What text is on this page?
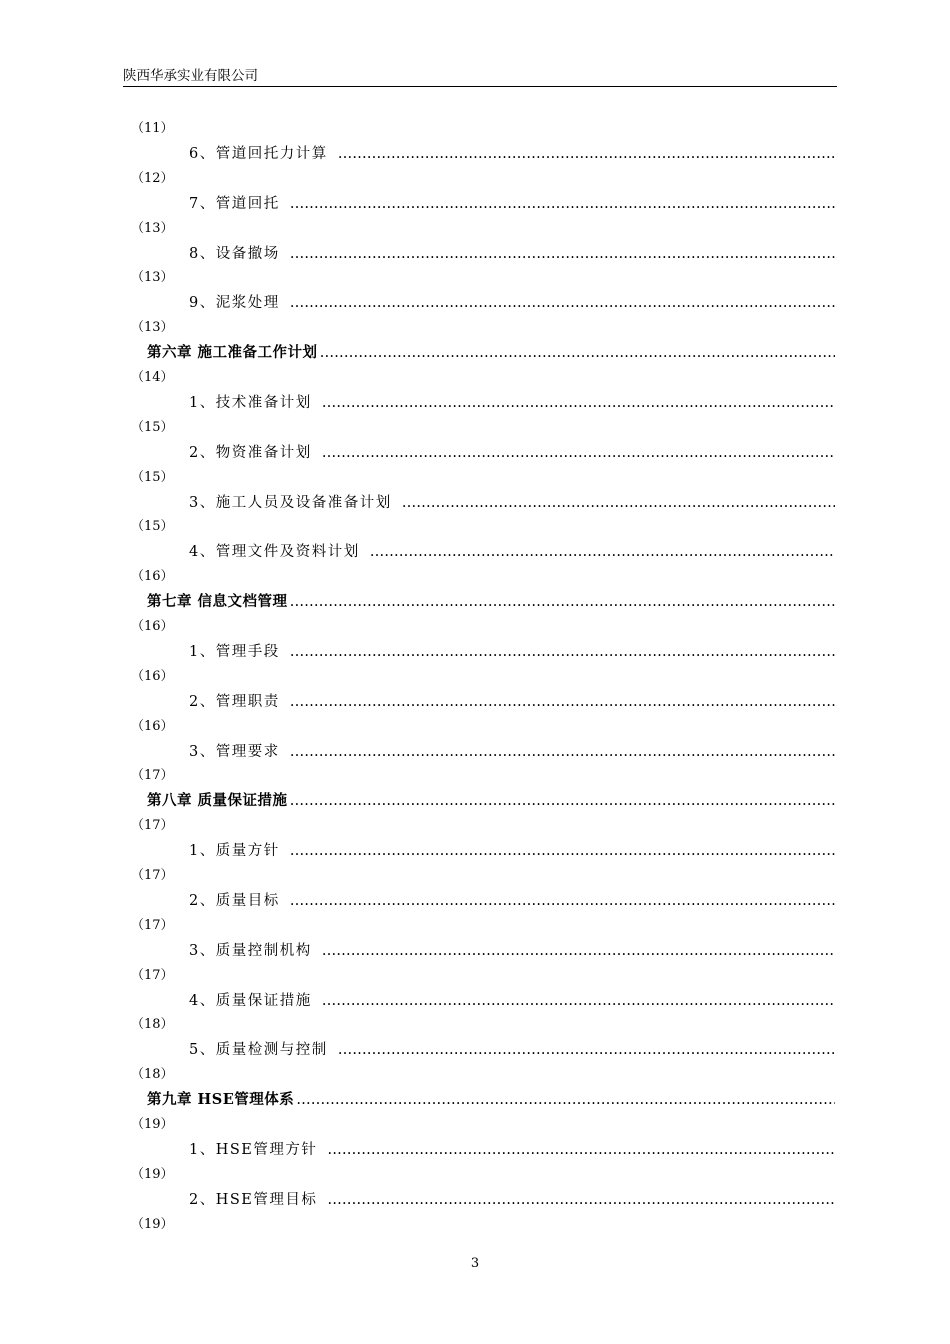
陕西华承实业有限公司
（11）
6、管道回托力计算
……………………………………………………………………………………………………………………………………………………………………………………………………………………
（12）
7、管道回托
……………………………………………………………………………………………………………………………………………………………………………………………………………………
（13）
8、设备撤场
……………………………………………………………………………………………………………………………………………………………………………………………………………………
（13）
9、泥浆处理
……………………………………………………………………………………………………………………………………………………………………………………………………………………
（13）
第六章 施工准备工作计划
……………………………………………………………………………………………………………………………………………………………………………………………………………………
（14）
1、技术准备计划
……………………………………………………………………………………………………………………………………………………………………………………………………………………
（15）
2、物资准备计划
……………………………………………………………………………………………………………………………………………………………………………………………………………………
（15）
3、施工人员及设备准备计划
……………………………………………………………………………………………………………………………………………………………………………………………………………………
（15）
4、管理文件及资料计划
……………………………………………………………………………………………………………………………………………………………………………………………………………………
（16）
第七章 信息文档管理
……………………………………………………………………………………………………………………………………………………………………………………………………………………
（16）
1、管理手段
……………………………………………………………………………………………………………………………………………………………………………………………………………………
（16）
2、管理职责
……………………………………………………………………………………………………………………………………………………………………………………………………………………
（16）
3、管理要求
……………………………………………………………………………………………………………………………………………………………………………………………………………………
（17）
第八章 质量保证措施
……………………………………………………………………………………………………………………………………………………………………………………………………………………
（17）
1、质量方针
……………………………………………………………………………………………………………………………………………………………………………………………………………………
（17）
2、质量目标
……………………………………………………………………………………………………………………………………………………………………………………………………………………
（17）
3、质量控制机构
……………………………………………………………………………………………………………………………………………………………………………………………………………………
（17）
4、质量保证措施
……………………………………………………………………………………………………………………………………………………………………………………………………………………
（18）
5、质量检测与控制
……………………………………………………………………………………………………………………………………………………………………………………………………………………
（18）
第九章 HSE管理体系
……………………………………………………………………………………………………………………………………………………………………………………………………………………
（19）
1、HSE管理方针
……………………………………………………………………………………………………………………………………………………………………………………………………………………
（19）
2、HSE管理目标
……………………………………………………………………………………………………………………………………………………………………………………………………………………
（19）
3
